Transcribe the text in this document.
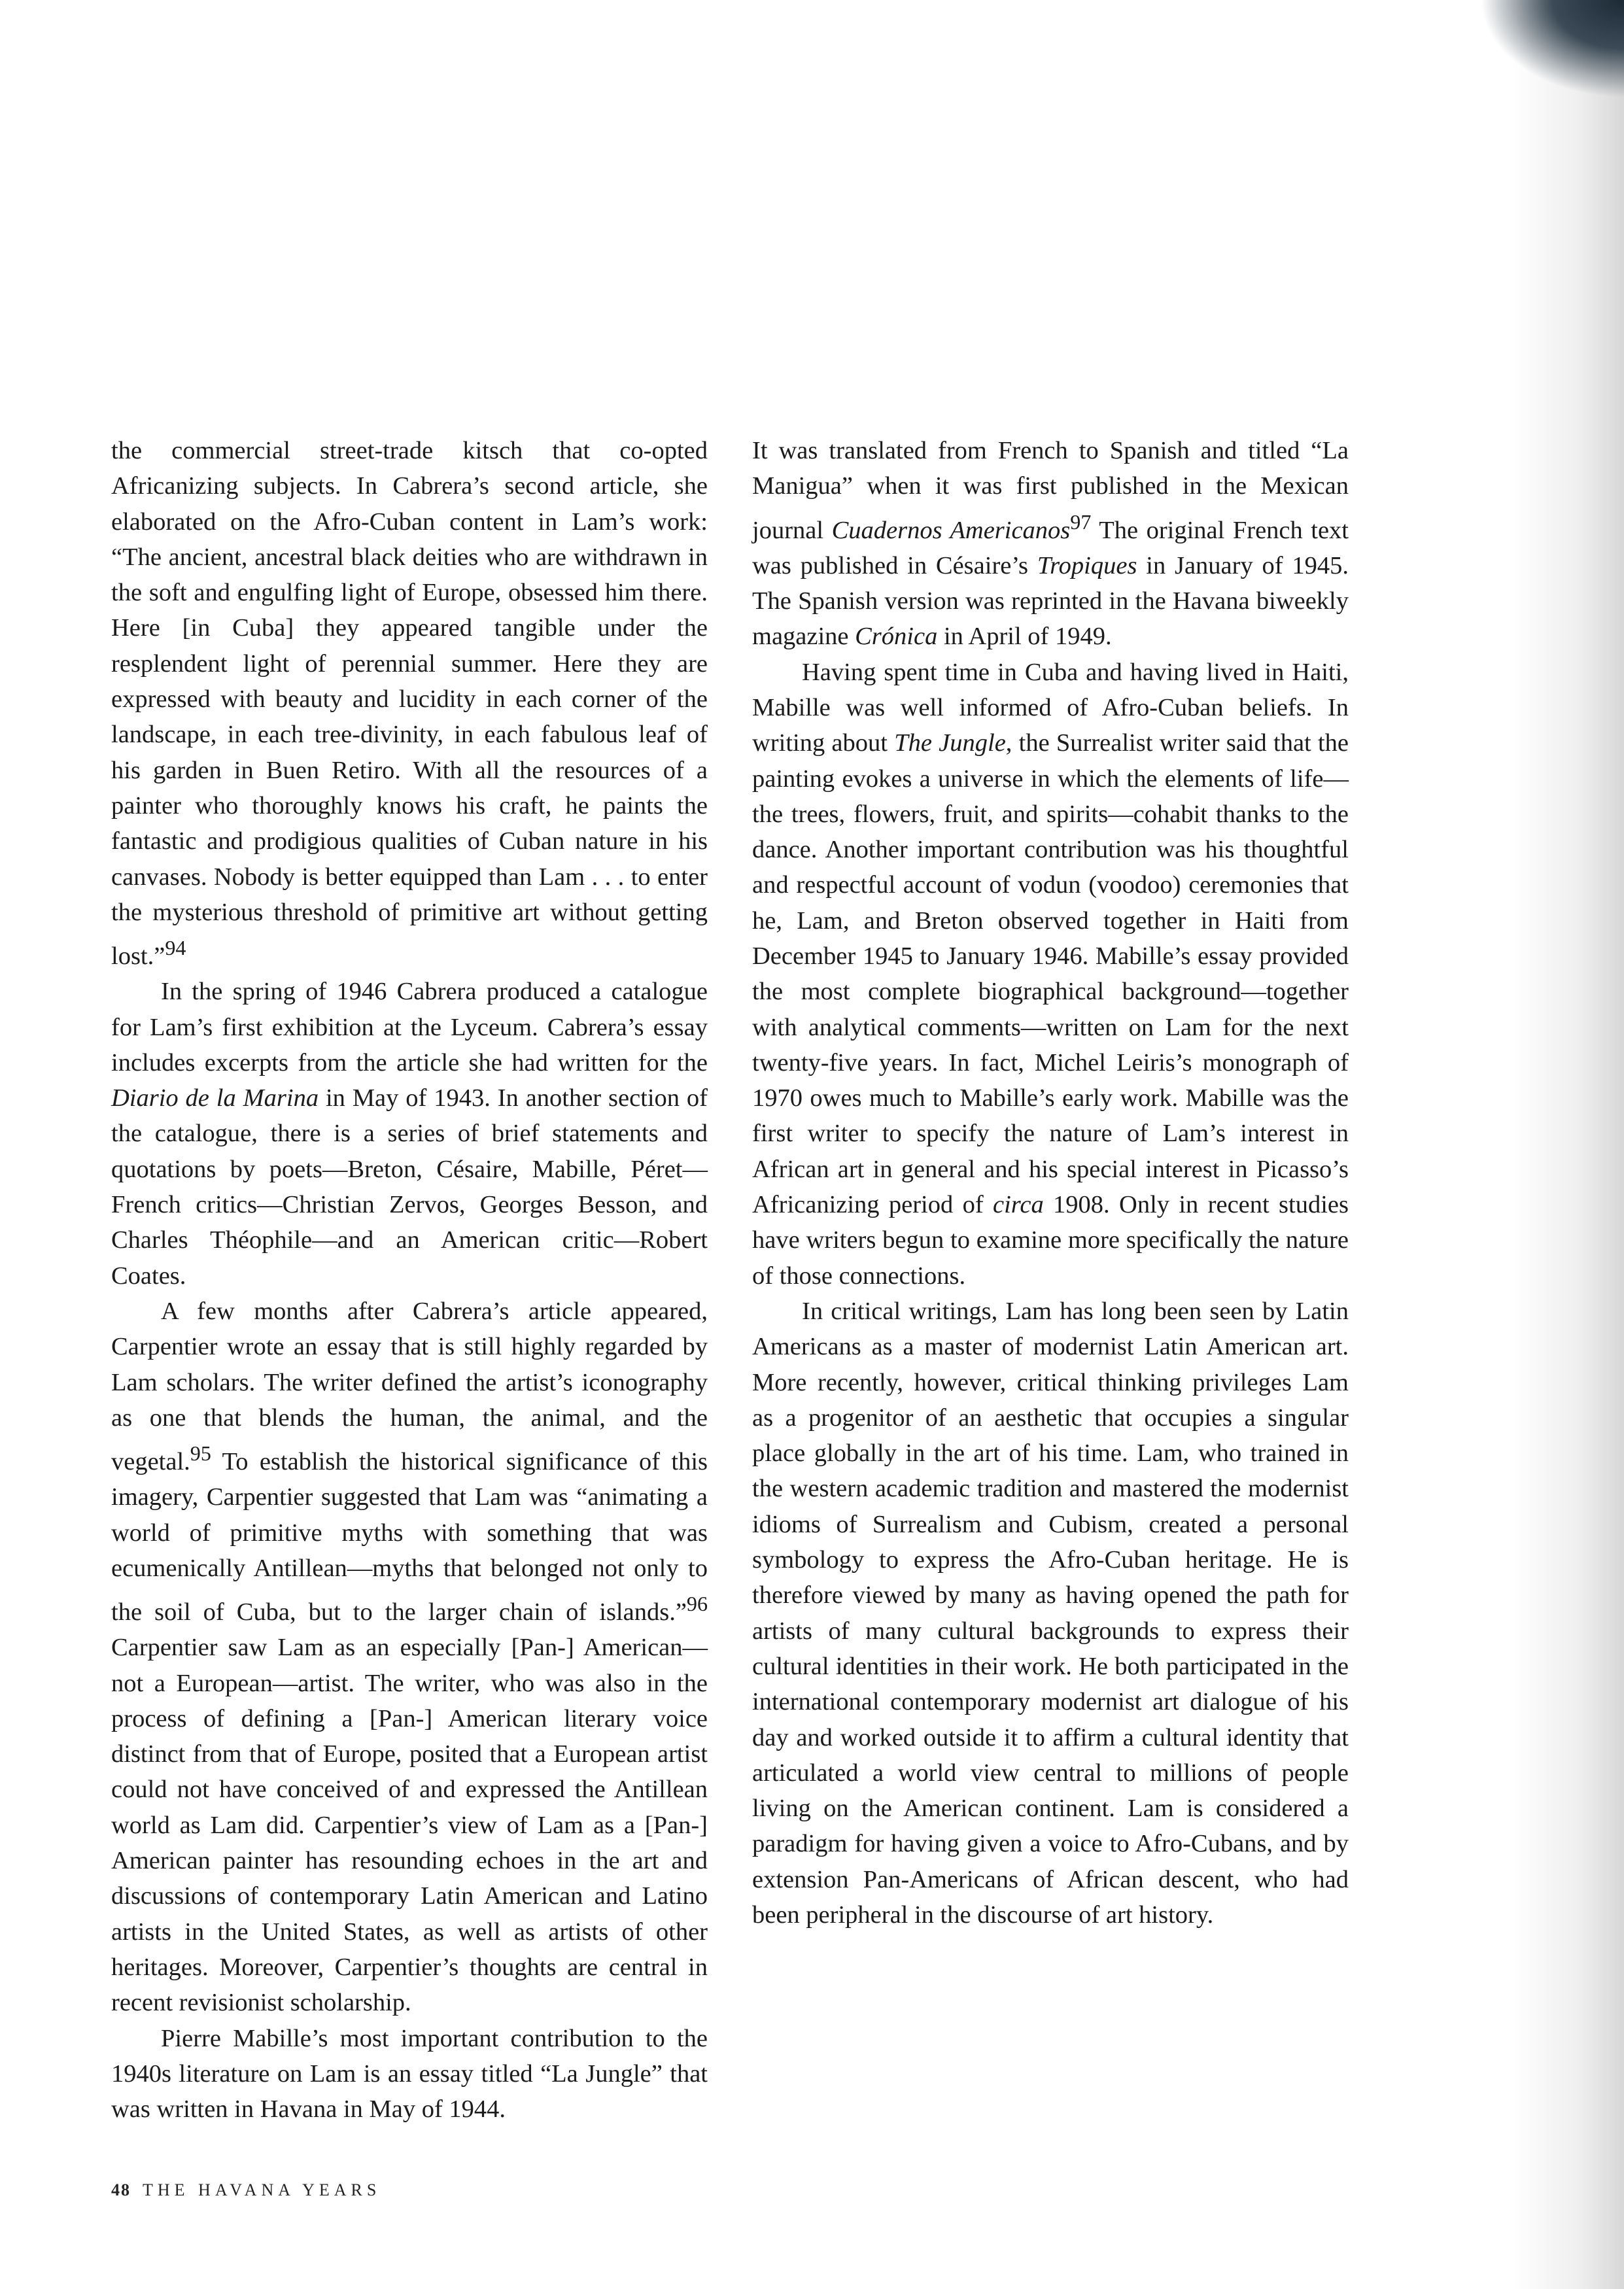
the commercial street-trade kitsch that co-opted Africanizing subjects. In Cabrera’s second article, she elaborated on the Afro-Cuban content in Lam’s work: “The ancient, ancestral black deities who are withdrawn in the soft and engulfing light of Europe, obsessed him there. Here [in Cuba] they appeared tangible under the resplendent light of perennial summer. Here they are expressed with beauty and lucidity in each corner of the landscape, in each tree-divinity, in each fabulous leaf of his garden in Buen Retiro. With all the resources of a painter who thoroughly knows his craft, he paints the fantastic and prodigious qualities of Cuban nature in his canvases. Nobody is better equipped than Lam . . . to enter the mysterious threshold of primitive art without getting lost.”$^{94}$

In the spring of 1946 Cabrera produced a catalogue for Lam’s first exhibition at the Lyceum. Cabrera’s essay includes excerpts from the article she had written for the Diario de la Marina in May of 1943. In another section of the catalogue, there is a series of brief statements and quotations by poets—Breton, Césaire, Mabille, Péret—French critics—Christian Zervos, Georges Besson, and Charles Théophile—and an American critic—Robert Coates.

A few months after Cabrera’s article appeared, Carpentier wrote an essay that is still highly regarded by Lam scholars. The writer defined the artist’s iconography as one that blends the human, the animal, and the vegetal.$^{95}$ To establish the historical significance of this imagery, Carpentier suggested that Lam was “animating a world of primitive myths with something that was ecumenically Antillean—myths that belonged not only to the soil of Cuba, but to the larger chain of islands.”$^{96}$ Carpentier saw Lam as an especially [Pan-] American—not a European—artist. The writer, who was also in the process of defining a [Pan-] American literary voice distinct from that of Europe, posited that a European artist could not have conceived of and expressed the Antillean world as Lam did. Carpentier’s view of Lam as a [Pan-] American painter has resounding echoes in the art and discussions of contemporary Latin American and Latino artists in the United States, as well as artists of other heritages. Moreover, Carpentier’s thoughts are central in recent revisionist scholarship.

Pierre Mabille’s most important contribution to the 1940s literature on Lam is an essay titled “La Jungle” that was written in Havana in May of 1944.

It was translated from French to Spanish and titled “La Manigua” when it was first published in the Mexican journal Cuadernos Americanos$^{97}$ The original French text was published in Césaire’s Tropiques in January of 1945. The Spanish version was reprinted in the Havana biweekly magazine Crónica in April of 1949.

Having spent time in Cuba and having lived in Haiti, Mabille was well informed of Afro-Cuban beliefs. In writing about The Jungle, the Surrealist writer said that the painting evokes a universe in which the elements of life—the trees, flowers, fruit, and spirits—cohabit thanks to the dance. Another important contribution was his thoughtful and respectful account of vodun (voodoo) ceremonies that he, Lam, and Breton observed together in Haiti from December 1945 to January 1946. Mabille’s essay provided the most complete biographical background—together with analytical comments—written on Lam for the next twenty-five years. In fact, Michel Leiris’s monograph of 1970 owes much to Mabille’s early work. Mabille was the first writer to specify the nature of Lam’s interest in African art in general and his special interest in Picasso’s Africanizing period of circa 1908. Only in recent studies have writers begun to examine more specifically the nature of those connections.

In critical writings, Lam has long been seen by Latin Americans as a master of modernist Latin American art. More recently, however, critical thinking privileges Lam as a progenitor of an aesthetic that occupies a singular place globally in the art of his time. Lam, who trained in the western academic tradition and mastered the modernist idioms of Surrealism and Cubism, created a personal symbology to express the Afro-Cuban heritage. He is therefore viewed by many as having opened the path for artists of many cultural backgrounds to express their cultural identities in their work. He both participated in the international contemporary modernist art dialogue of his day and worked outside it to affirm a cultural identity that articulated a world view central to millions of people living on the American continent. Lam is considered a paradigm for having given a voice to Afro-Cubans, and by extension Pan-Americans of African descent, who had been peripheral in the discourse of art history.

48 THE HAVANA YEARS
